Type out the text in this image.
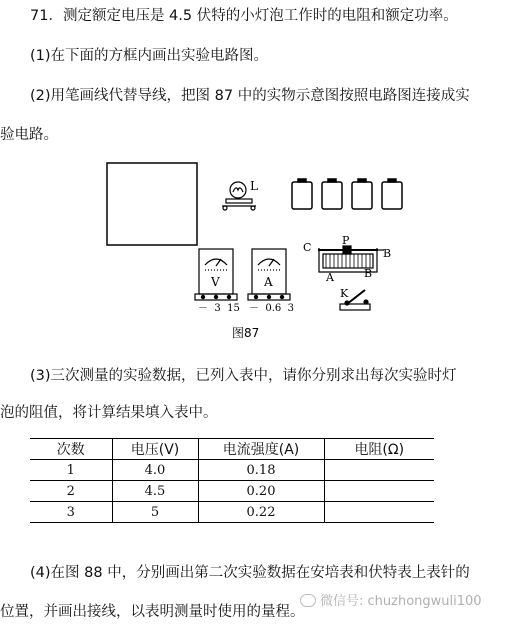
71．测定额定电压是 4.5 伏特的小灯泡工作时的电阻和额定功率。
(1)在下面的方框内画出实验电路图。
(2)用笔画线代替导线，把图 87 中的实物示意图按照电路图连接成实
验电路。
L
V
－  3  15
A
－  0.6  3
C
P
B
A	B
K
图87
(3)三次测量的实验数据，已列入表中，请你分别求出每次实验时灯
泡的阻值，将计算结果填入表中。
次数	电压(V)	电流强度(A)	电阻(Ω)
1	4.0	0.18	
2	4.5	0.20	
3	5	0.22	
(4)在图 88 中，分别画出第二次实验数据在安培表和伏特表上表针的
位置，并画出接线，以表明测量时使用的量程。
微信号: chuzhongwuli100
